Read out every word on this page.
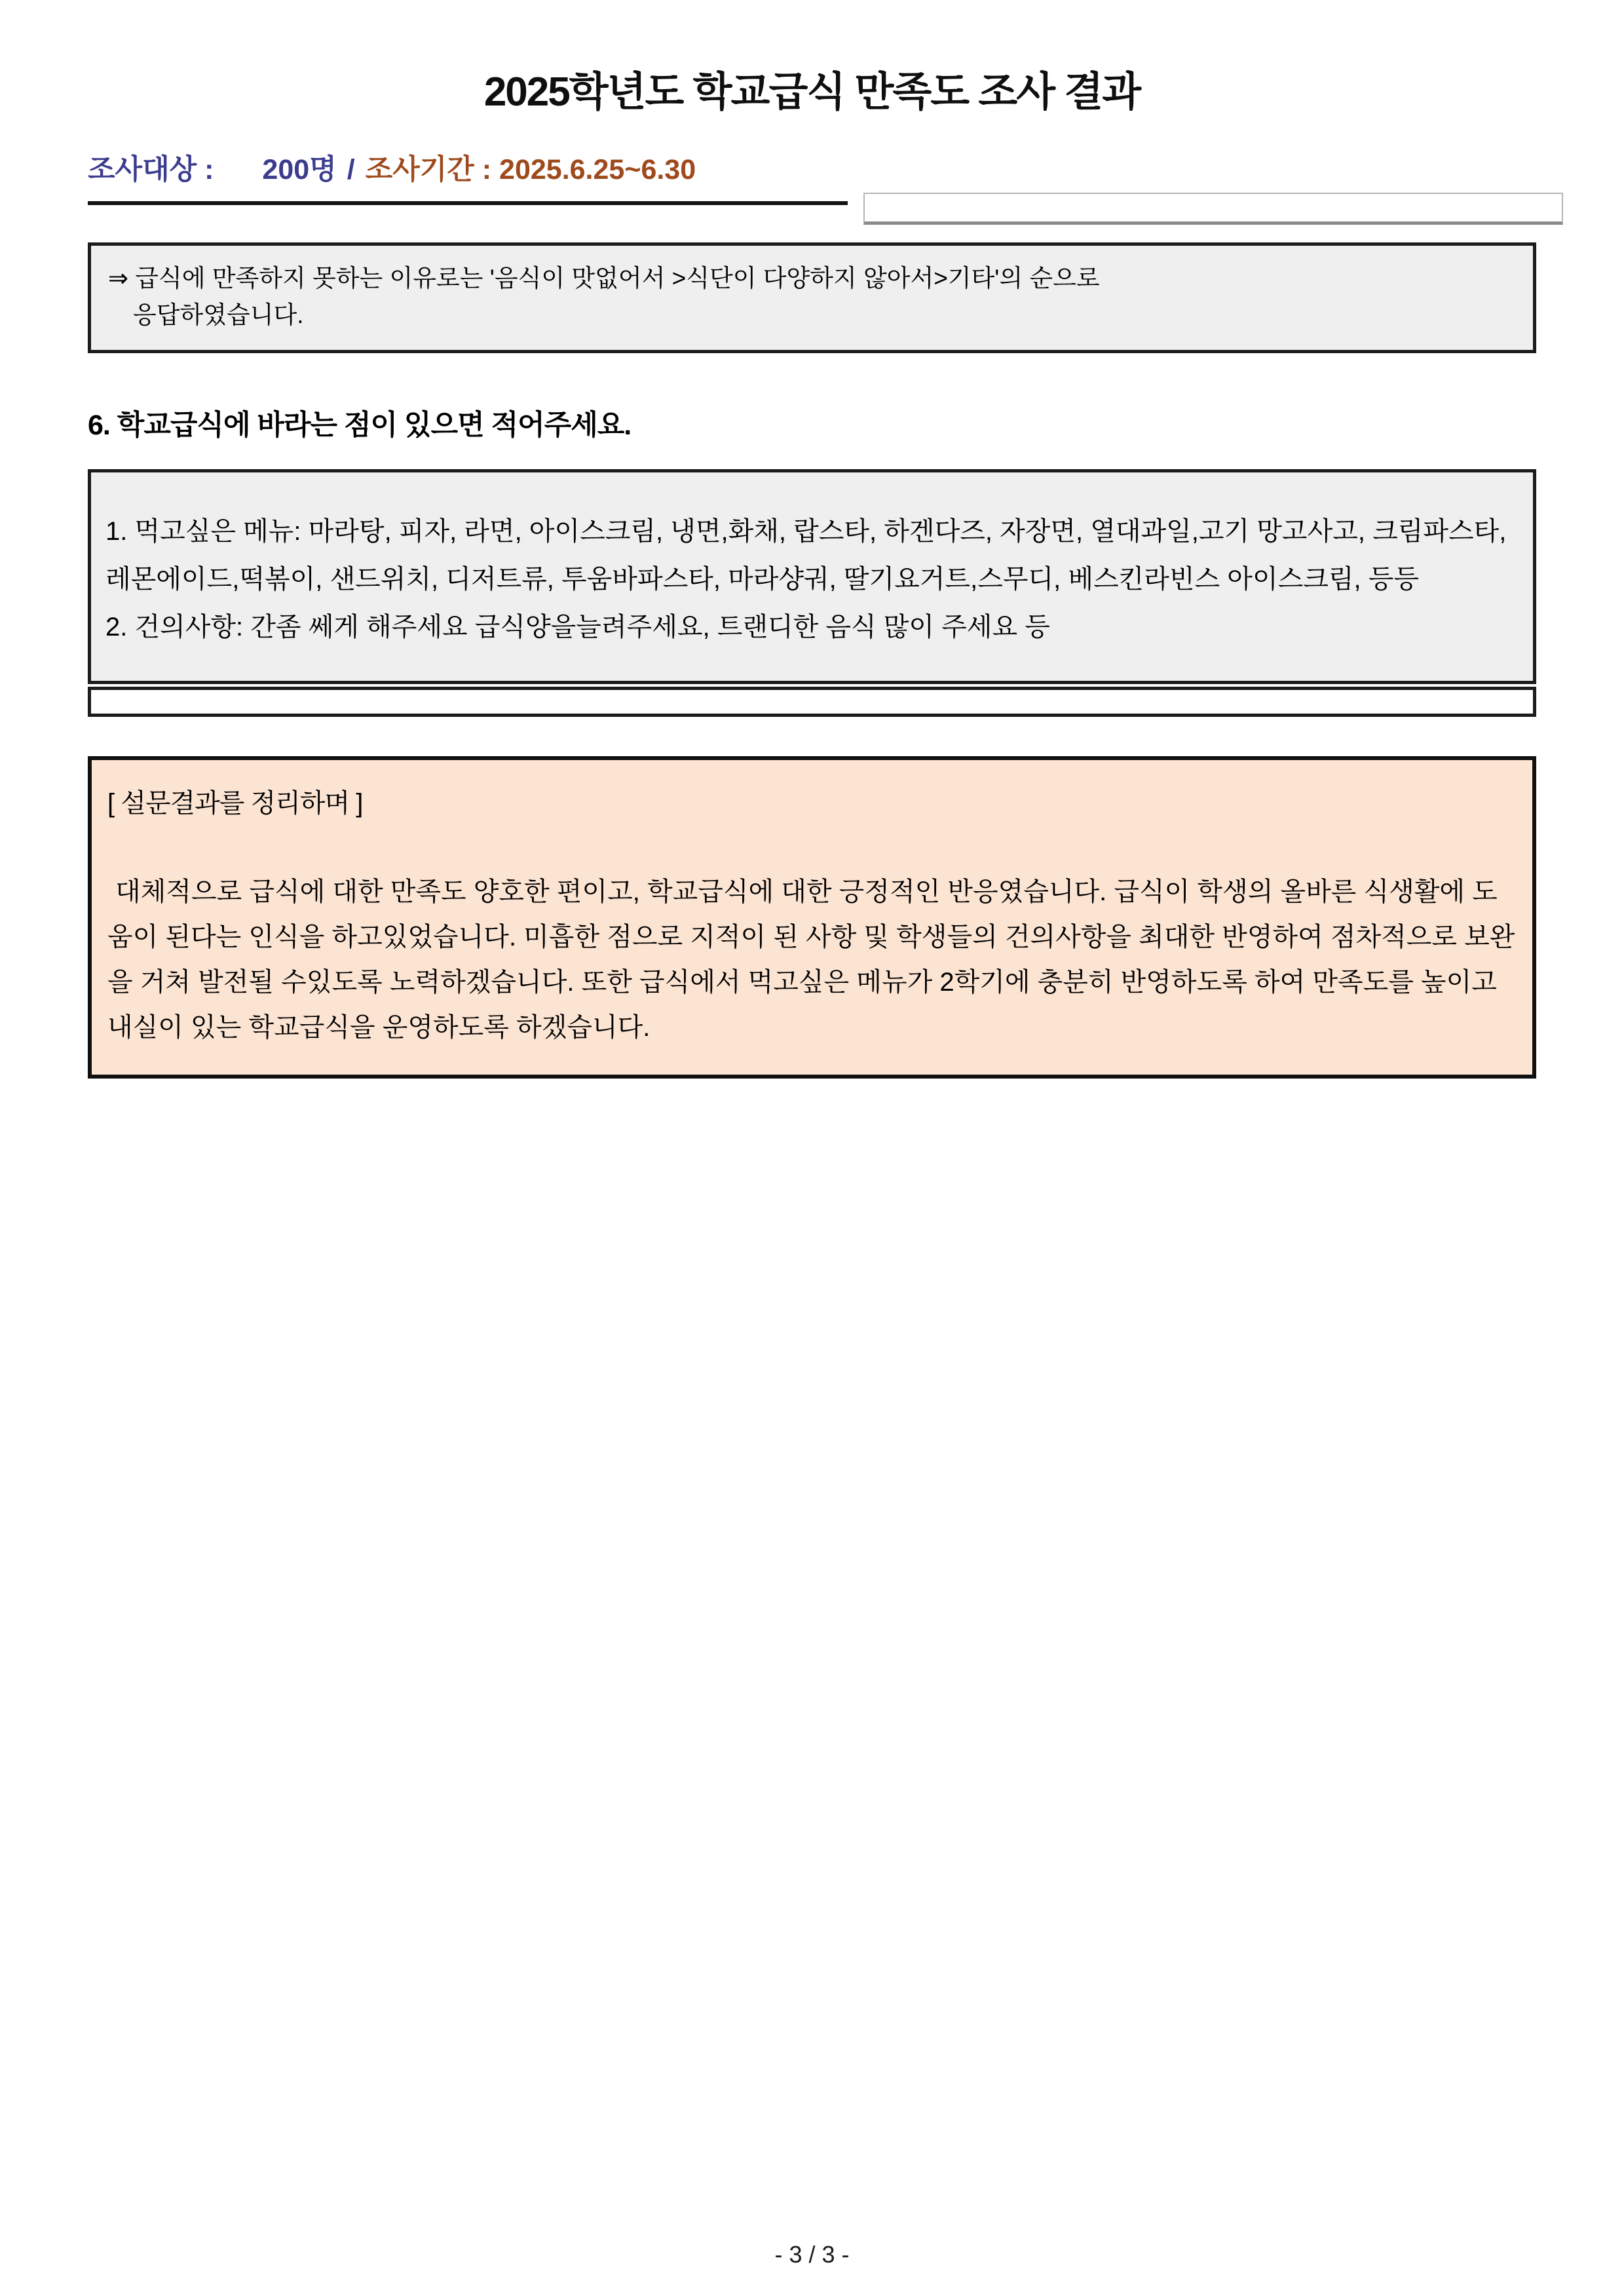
2025학년도 학교급식 만족도 조사 결과
조사대상 : 200명 / 조사기간 : 2025.6.25~6.30
⇒ 급식에 만족하지 못하는 이유로는 '음식이 맛없어서 >식단이 다양하지 않아서>기타'의 순으로
응답하였습니다.
6. 학교급식에 바라는 점이 있으면 적어주세요.
1. 먹고싶은 메뉴: 마라탕, 피자, 라면, 아이스크림, 냉면,화채, 랍스타, 하겐다즈, 자장면, 열대과일,고기 망고사고, 크림파스타, 레몬에이드,떡볶이, 샌드위치, 디저트류, 투움바파스타, 마라샹궈, 딸기요거트,스무디, 베스킨라빈스 아이스크림, 등등
2. 건의사항: 간좀 쎄게 해주세요 급식양을늘려주세요, 트랜디한 음식 많이 주세요 등
[ 설문결과를 정리하며 ]
대체적으로 급식에 대한 만족도 양호한 편이고, 학교급식에 대한 긍정적인 반응였습니다. 급식이 학생의 올바른 식생활에 도움이 된다는 인식을 하고있었습니다. 미흡한 점으로 지적이 된 사항 및 학생들의 건의사항을 최대한 반영하여 점차적으로 보완을 거쳐 발전될 수있도록 노력하겠습니다. 또한 급식에서 먹고싶은 메뉴가 2학기에 충분히 반영하도록 하여 만족도를 높이고 내실이 있는 학교급식을 운영하도록 하겠습니다.
- 3 / 3 -
